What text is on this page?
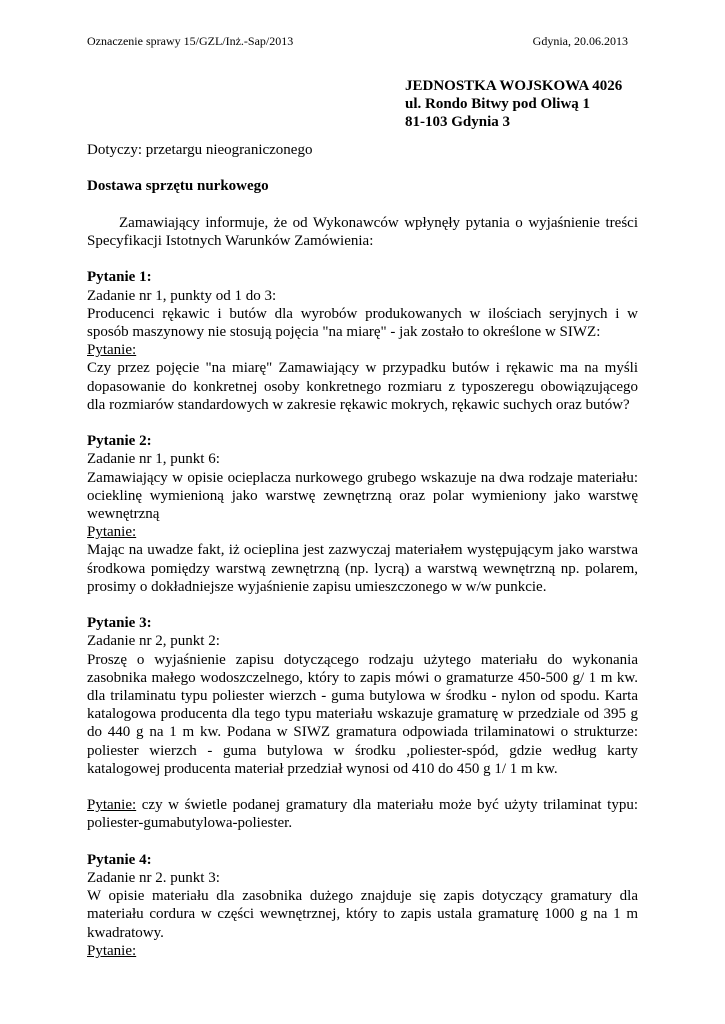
Oznaczenie sprawy 15/GZL/Inż.-Sap/2013	Gdynia, 20.06.2013
JEDNOSTKA WOJSKOWA 4026
ul. Rondo Bitwy pod Oliwą 1
81-103 Gdynia 3

Dotyczy: przetargu nieograniczonego

Dostawa sprzętu nurkowego

Zamawiający informuje, że od Wykonawców wpłynęły pytania o wyjaśnienie treści Specyfikacji Istotnych Warunków Zamówienia:

Pytanie 1:

Zadanie nr 1, punkty od 1 do 3:

Producenci rękawic i butów dla wyrobów produkowanych w ilościach seryjnych i w sposób maszynowy nie stosują pojęcia "na miarę" - jak zostało to określone w SIWZ:

Pytanie:

Czy przez pojęcie "na miarę" Zamawiający w przypadku butów i rękawic ma na myśli dopasowanie do konkretnej osoby konkretnego rozmiaru z typoszeregu obowiązującego dla rozmiarów standardowych w zakresie rękawic mokrych, rękawic suchych oraz butów?

Pytanie 2:

Zadanie nr 1, punkt 6:

Zamawiający w opisie ocieplacza nurkowego grubego wskazuje na dwa rodzaje materiału: ocieklinę wymienioną jako warstwę zewnętrzną oraz polar wymieniony jako warstwę wewnętrzną

Pytanie:

Mając na uwadze fakt, iż ocieplina jest zazwyczaj materiałem występującym jako warstwa środkowa pomiędzy warstwą zewnętrzną (np. lycrą) a warstwą wewnętrzną np. polarem, prosimy o dokładniejsze wyjaśnienie zapisu umieszczonego w w/w punkcie.

Pytanie 3:

Zadanie nr 2, punkt 2:

Proszę o wyjaśnienie zapisu dotyczącego rodzaju użytego materiału do wykonania zasobnika małego wodoszczelnego, który to zapis mówi o gramaturze 450-500 g/ 1 m kw. dla trilaminatu typu poliester wierzch - guma butylowa w środku - nylon od spodu. Karta katalogowa producenta dla tego typu materiału wskazuje gramaturę w przedziale od 395 g do 440 g na 1 m kw. Podana w SIWZ gramatura odpowiada trilaminatowi o strukturze: poliester wierzch - guma butylowa w środku ,poliester-spód, gdzie według karty katalogowej producenta materiał przedział wynosi od 410 do 450 g 1/ 1 m kw.

Pytanie: czy w świetle podanej gramatury dla materiału może być użyty trilaminat typu: poliester-gumabutylowa-poliester.

Pytanie 4:

Zadanie nr 2. punkt 3:

W opisie materiału dla zasobnika dużego znajduje się zapis dotyczący gramatury dla materiału cordura w części wewnętrznej, który to zapis ustala gramaturę 1000 g na 1 m kwadratowy.

Pytanie:
